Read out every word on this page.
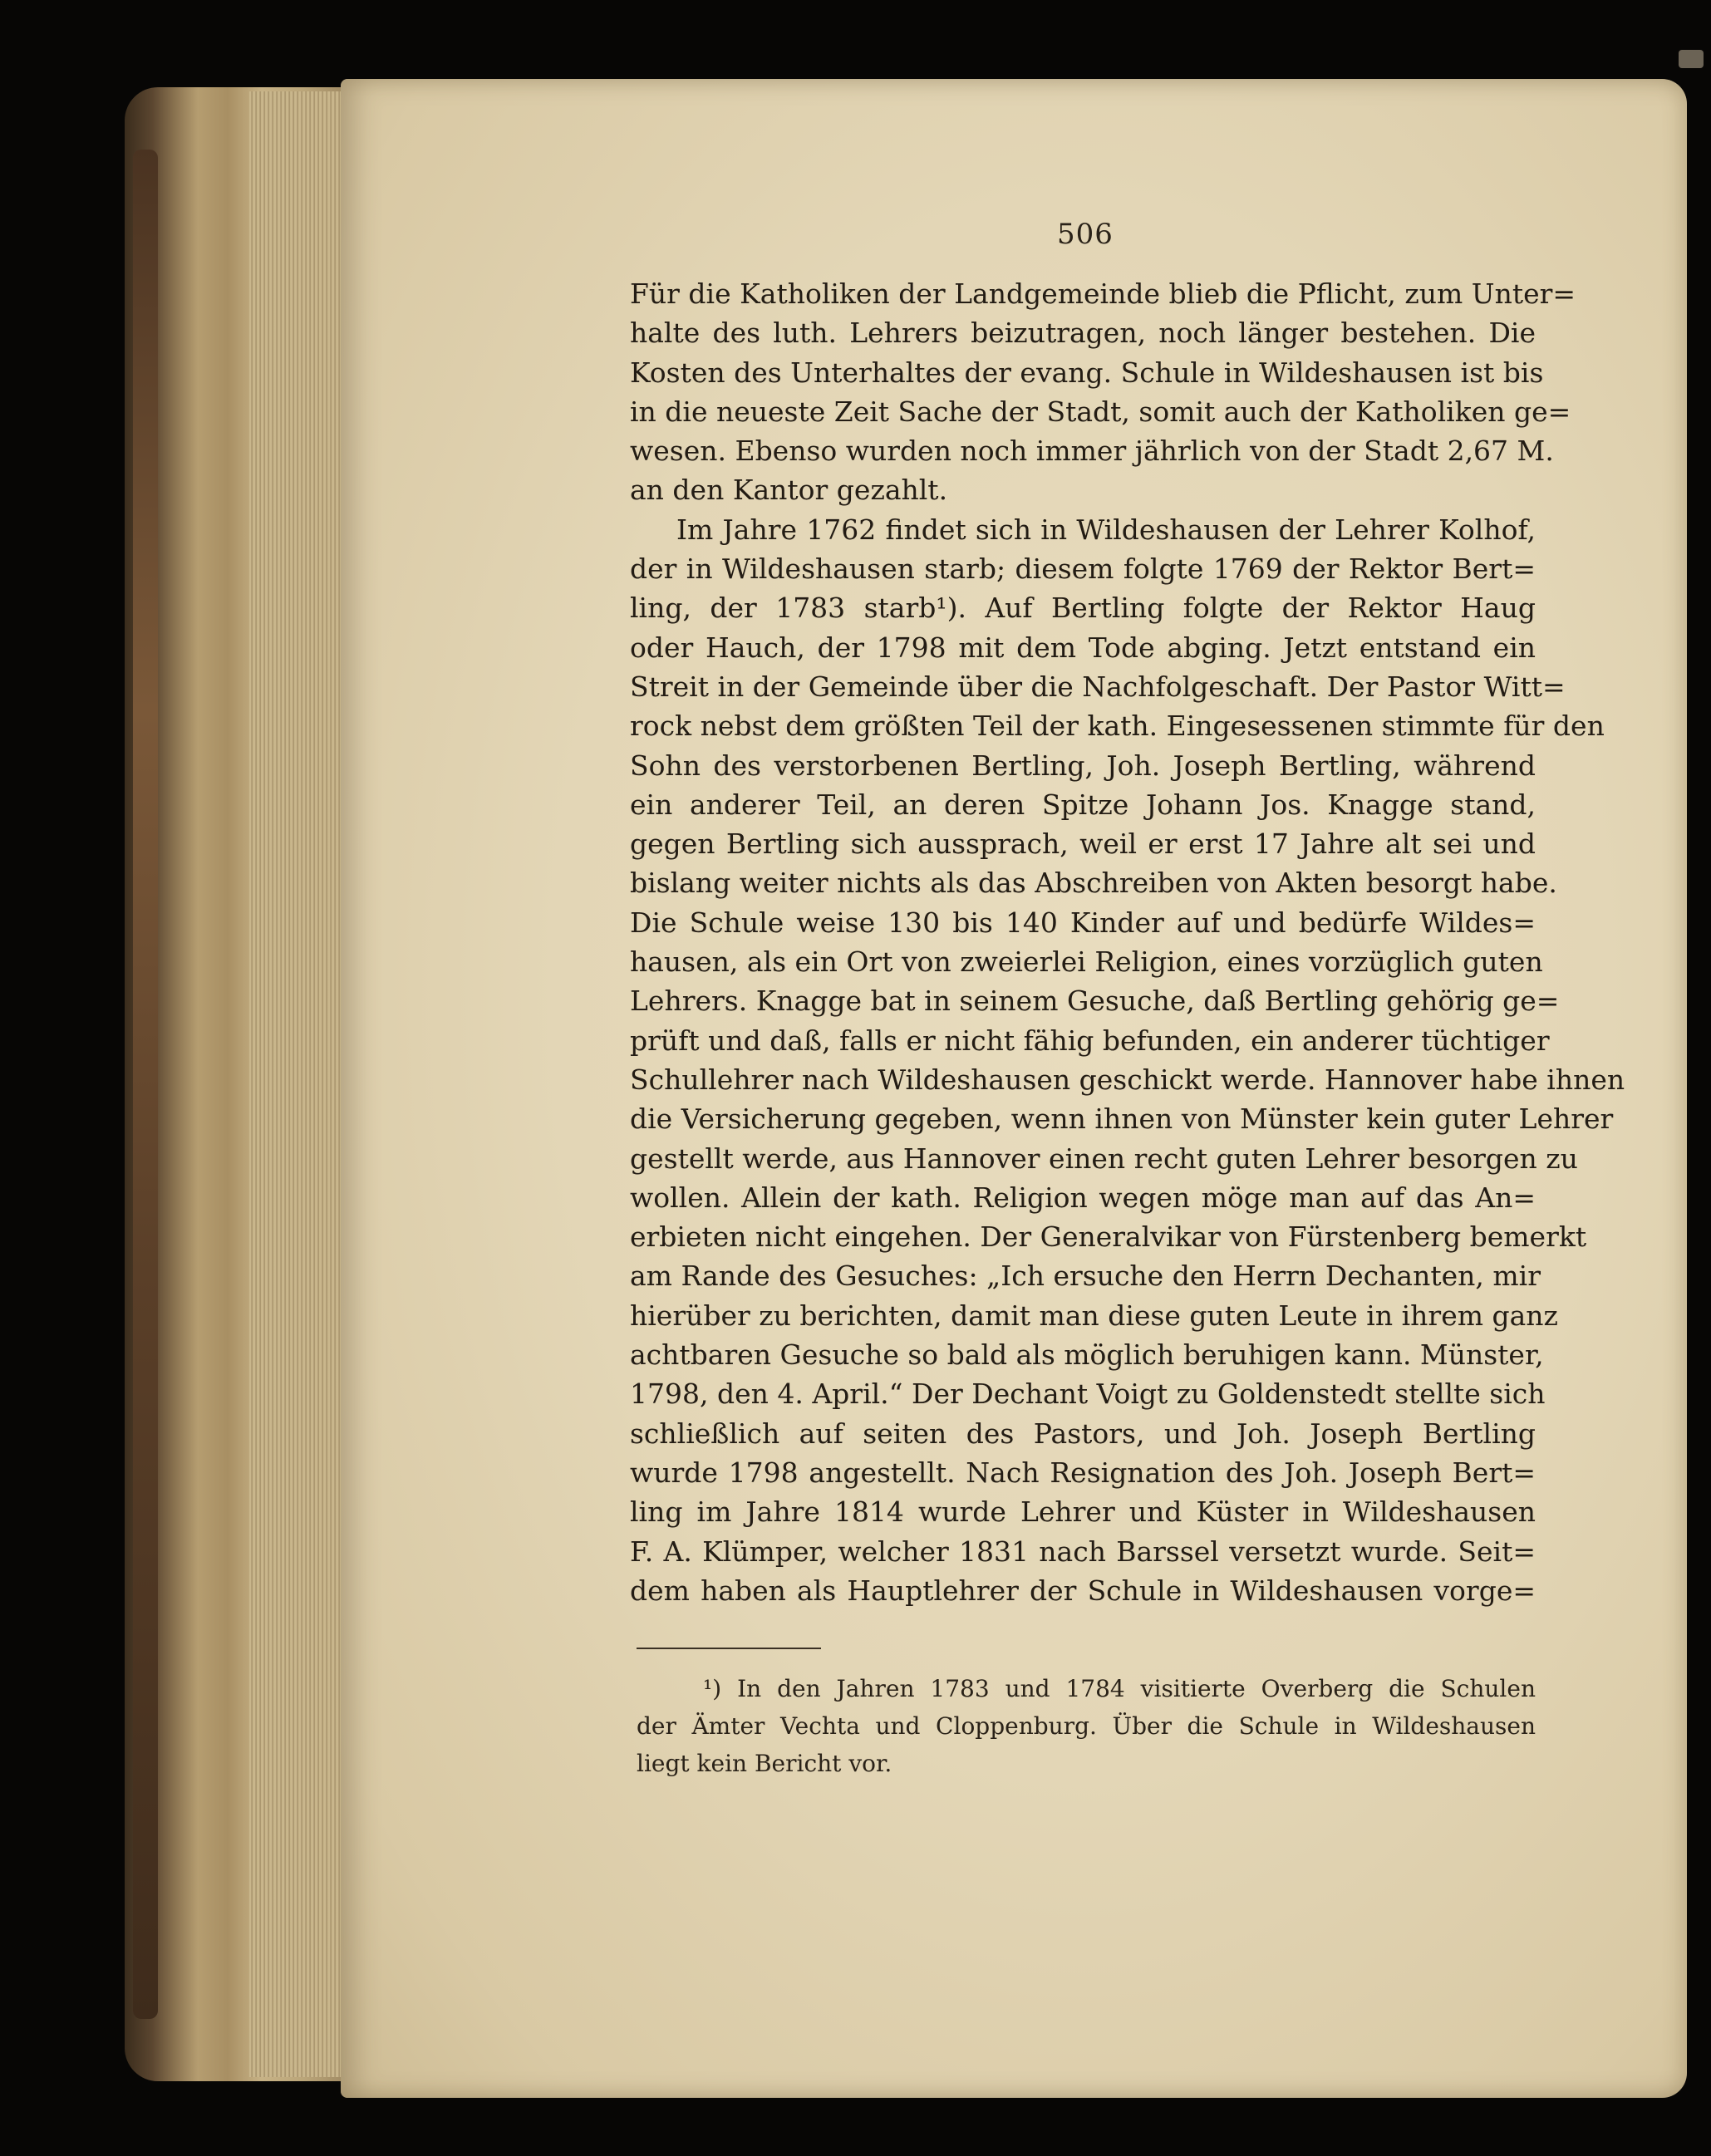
506
Für die Katholiken der Landgemeinde blieb die Pflicht, zum Unter=
halte des luth. Lehrers beizutragen, noch länger bestehen. Die
Kosten des Unterhaltes der evang. Schule in Wildeshausen ist bis
in die neueste Zeit Sache der Stadt, somit auch der Katholiken ge=
wesen. Ebenso wurden noch immer jährlich von der Stadt 2,67 M.
an den Kantor gezahlt.
Im Jahre 1762 findet sich in Wildeshausen der Lehrer Kolhof,
der in Wildeshausen starb; diesem folgte 1769 der Rektor Bert=
ling, der 1783 starb¹). Auf Bertling folgte der Rektor Haug
oder Hauch, der 1798 mit dem Tode abging. Jetzt entstand ein
Streit in der Gemeinde über die Nachfolgeschaft. Der Pastor Witt=
rock nebst dem größten Teil der kath. Eingesessenen stimmte für den
Sohn des verstorbenen Bertling, Joh. Joseph Bertling, während
ein anderer Teil, an deren Spitze Johann Jos. Knagge stand,
gegen Bertling sich aussprach, weil er erst 17 Jahre alt sei und
bislang weiter nichts als das Abschreiben von Akten besorgt habe.
Die Schule weise 130 bis 140 Kinder auf und bedürfe Wildes=
hausen, als ein Ort von zweierlei Religion, eines vorzüglich guten
Lehrers. Knagge bat in seinem Gesuche, daß Bertling gehörig ge=
prüft und daß, falls er nicht fähig befunden, ein anderer tüchtiger
Schullehrer nach Wildeshausen geschickt werde. Hannover habe ihnen
die Versicherung gegeben, wenn ihnen von Münster kein guter Lehrer
gestellt werde, aus Hannover einen recht guten Lehrer besorgen zu
wollen. Allein der kath. Religion wegen möge man auf das An=
erbieten nicht eingehen. Der Generalvikar von Fürstenberg bemerkt
am Rande des Gesuches: „Ich ersuche den Herrn Dechanten, mir
hierüber zu berichten, damit man diese guten Leute in ihrem ganz
achtbaren Gesuche so bald als möglich beruhigen kann. Münster,
1798, den 4. April.“ Der Dechant Voigt zu Goldenstedt stellte sich
schließlich auf seiten des Pastors, und Joh. Joseph Bertling
wurde 1798 angestellt. Nach Resignation des Joh. Joseph Bert=
ling im Jahre 1814 wurde Lehrer und Küster in Wildeshausen
F. A. Klümper, welcher 1831 nach Barssel versetzt wurde. Seit=
dem haben als Hauptlehrer der Schule in Wildeshausen vorge=
¹) In den Jahren 1783 und 1784 visitierte Overberg die Schulen
der Ämter Vechta und Cloppenburg. Über die Schule in Wildeshausen
liegt kein Bericht vor.
